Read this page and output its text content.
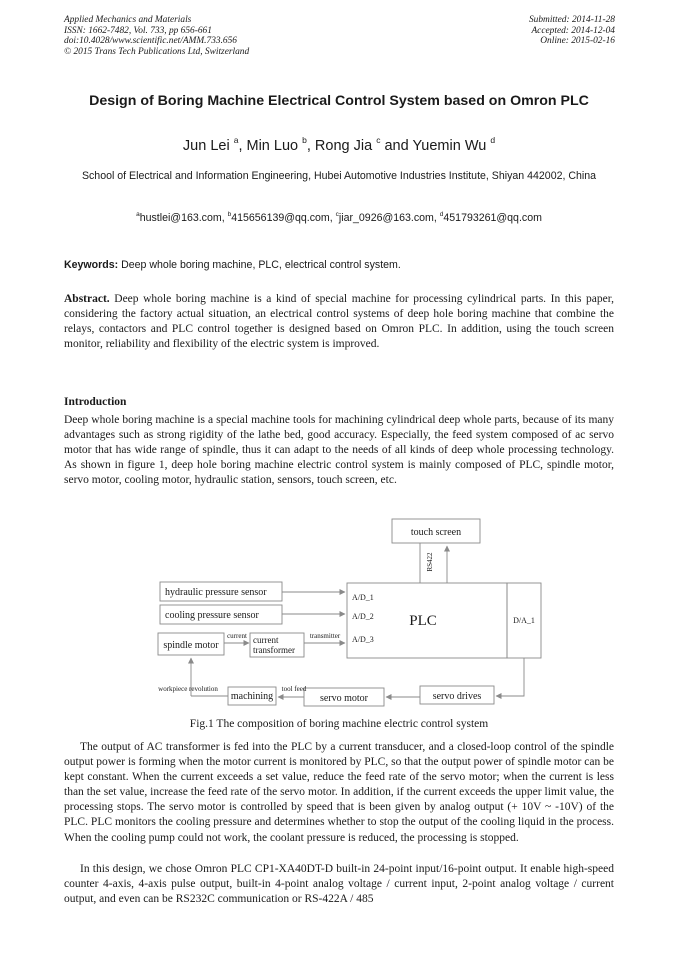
Applied Mechanics and Materials
ISSN: 1662-7482, Vol. 733, pp 656-661
doi:10.4028/www.scientific.net/AMM.733.656
© 2015 Trans Tech Publications Ltd, Switzerland
Submitted: 2014-11-28
Accepted: 2014-12-04
Online: 2015-02-16
Design of Boring Machine Electrical Control System based on Omron PLC
Jun Lei $^a$, Min Luo $^b$, Rong Jia $^c$ and Yuemin Wu $^d$
School of Electrical and Information Engineering, Hubei Automotive Industries Institute, Shiyan 442002, China
$^a$hustlei@163.com, $^b$415656139@qq.com, $^c$jiar_0926@163.com, $^d$451793261@qq.com
Keywords: Deep whole boring machine, PLC, electrical control system.
Abstract. Deep whole boring machine is a kind of special machine for processing cylindrical parts. In this paper, considering the factory actual situation, an electrical control systems of deep hole boring machine that combine the relays, contactors and PLC control together is designed based on Omron PLC. In addition, using the touch screen monitor, reliability and flexibility of the electric system is improved.
Introduction
Deep whole boring machine is a special machine tools for machining cylindrical deep whole parts, because of its many advantages such as strong rigidity of the lathe bed, good accuracy. Especially, the feed system composed of ac servo motor that has wide range of spindle, thus it can adapt to the needs of all kinds of deep whole processing technology. As shown in figure 1, deep hole boring machine electric control system is mainly composed of PLC, spindle motor, servo motor, cooling motor, hydraulic station, sensors, touch screen, etc.
touch screen
RS422
PLC
A/D_1
A/D_2
A/D_3
D/A_1
hydraulic pressure sensor
cooling pressure sensor
spindle motor
current current
transformer
transmitter
workpiece revolution
machining	servo motor
tool feed
servo drives
Fig.1 The composition of boring machine electric control system
The output of AC transformer is fed into the PLC by a current transducer, and a closed-loop control of the spindle output power is forming when the motor current is monitored by PLC, so that the output power of spindle motor can be kept constant. When the current exceeds a set value, reduce the feed rate of the servo motor; when the current is less than the set value, increase the feed rate of the servo motor. In addition, if the current exceeds the upper limit value, the processing stops. The servo motor is controlled by speed that is been given by analog output (+ 10V ~ -10V) of the PLC. PLC monitors the cooling pressure and determines whether to stop the output of the cooling liquid in the process. When the cooling pump could not work, the coolant pressure is reduced, the processing is stopped.
In this design, we chose Omron PLC CP1-XA40DT-D built-in 24-point input/16-point output. It enable high-speed counter 4-axis, 4-axis pulse output, built-in 4-point analog voltage / current input, 2-point analog voltage / current output, and even can be RS232C communication or RS-422A / 485
